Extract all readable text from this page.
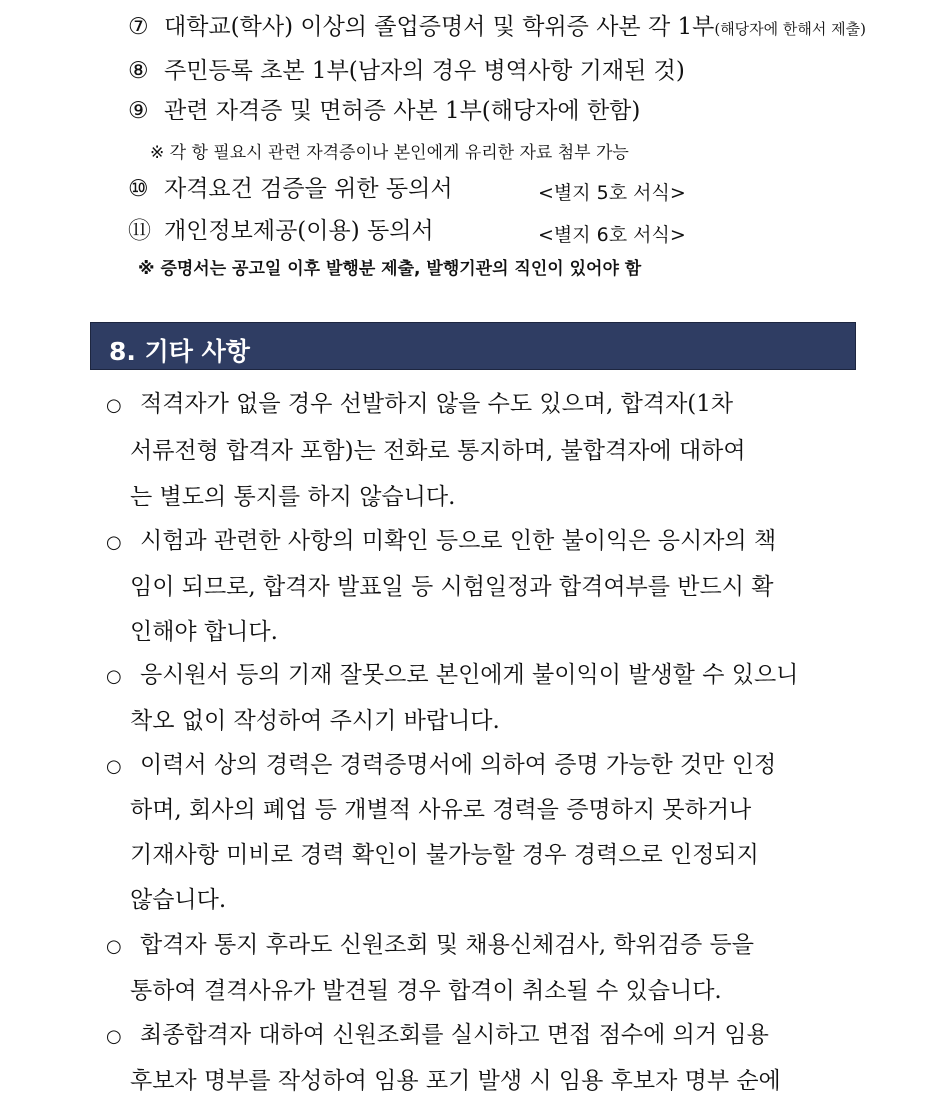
⑦ 대학교(학사) 이상의 졸업증명서 및 학위증 사본 각 1부(해당자에 한해서 제출)
⑧ 주민등록 초본 1부(남자의 경우 병역사항 기재된 것)
⑨ 관련 자격증 및 면허증 사본 1부(해당자에 한함)
※ 각 항 필요시 관련 자격증이나 본인에게 유리한 자료 첨부 가능
⑩ 자격요건 검증을 위한 동의서	<별지 5호 서식>
⑪ 개인정보제공(이용) 동의서	<별지 6호 서식>
※ 증명서는 공고일 이후 발행분 제출, 발행기관의 직인이 있어야 함
8. 기타 사항
○ 적격자가 없을 경우 선발하지 않을 수도 있으며, 합격자(1차
서류전형 합격자 포함)는 전화로 통지하며, 불합격자에 대하여
는 별도의 통지를 하지 않습니다.
○ 시험과 관련한 사항의 미확인 등으로 인한 불이익은 응시자의 책
임이 되므로, 합격자 발표일 등 시험일정과 합격여부를 반드시 확
인해야 합니다.
○ 응시원서 등의 기재 잘못으로 본인에게 불이익이 발생할 수 있으니
착오 없이 작성하여 주시기 바랍니다.
○ 이력서 상의 경력은 경력증명서에 의하여 증명 가능한 것만 인정
하며, 회사의 폐업 등 개별적 사유로 경력을 증명하지 못하거나
기재사항 미비로 경력 확인이 불가능할 경우 경력으로 인정되지
않습니다.
○ 합격자 통지 후라도 신원조회 및 채용신체검사, 학위검증 등을
통하여 결격사유가 발견될 경우 합격이 취소될 수 있습니다.
○ 최종합격자 대하여 신원조회를 실시하고 면접 점수에 의거 임용
후보자 명부를 작성하여 임용 포기 발생 시 임용 후보자 명부 순에
